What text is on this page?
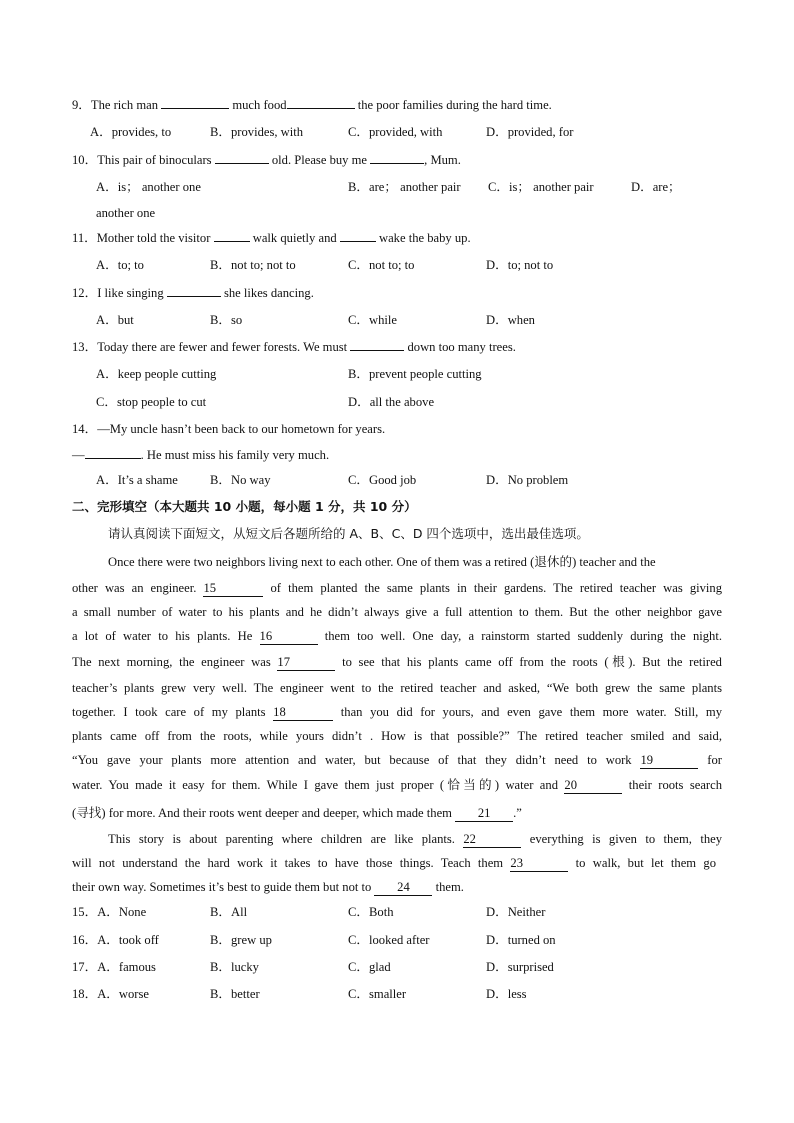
9．The rich man	much food	the poor families during the hard time.
A．provides, to	B．provides, with	C．provided, with	D．provided, for
10．This pair of binoculars	old. Please buy me	, Mum.
A．is； another one	B．are； another pair C．is； another pair	D．are；
another one
11．Mother told the visitor	walk quietly and	wake the baby up.
A．to; to	B．not to; not to	C．not to; to	D．to; not to
12．I like singing	she likes dancing.
A．but	B．so	C．while	D．when
13．Today there are fewer and fewer forests. We must	down too many trees.
A．keep people cutting	B．prevent people cutting
C．stop people to cut	D．all the above
14．—My uncle hasn’t been back to our hometown for years.
—	. He must miss his family very much.
A．It’s a shame	B．No way	C．Good job	D．No problem
二、完形填空（本大题共 10 小题，每小题 1 分，共 10 分）
请认真阅读下面短文，从短文后各题所给的 A、B、C、D 四个选项中，选出最佳选项。
Once there were two neighbors living next to each other. One of them was a retired (退休的) teacher and the
other was an engineer. 15	of them planted the same plants in their gardens. The retired teacher was giving
a small number of water to his plants and he didn’t always give a full attention to them. But the other neighbor gave
a lot of water to his plants. He 16	them too well. One day, a rainstorm started suddenly during the night.
The next morning, the engineer was 17	to see that his plants came off from the roots (根). But the retired
teacher’s plants grew very well. The engineer went to the retired teacher and asked, “We both grew the same plants
together. I took care of my plants 18	than you did for yours, and even gave them more water. Still, my
plants came off from the roots, while yours didn’t . How is that possible?” The retired teacher smiled and said,
“You gave your plants more attention and water, but because of that they didn’t need to work 19	for
water. You made it easy for them. While I gave them just proper (恰当的) water and 20	their roots search
(寻找) for more. And their roots went deeper and deeper, which made them 21 .”
This story is about parenting where children are like plants. 22	everything is given to them, they
will not understand the hard work it takes to have those things. Teach them 23	to walk, but let them go
their own way. Sometimes it’s best to guide them but not to 24 them.
15．A．None	B．All	C．Both	D．Neither
16．A．took off	B．grew up	C．looked after	D．turned on
17．A．famous	B．lucky	C．glad	D．surprised
18．A．worse	B．better	C．smaller	D．less
